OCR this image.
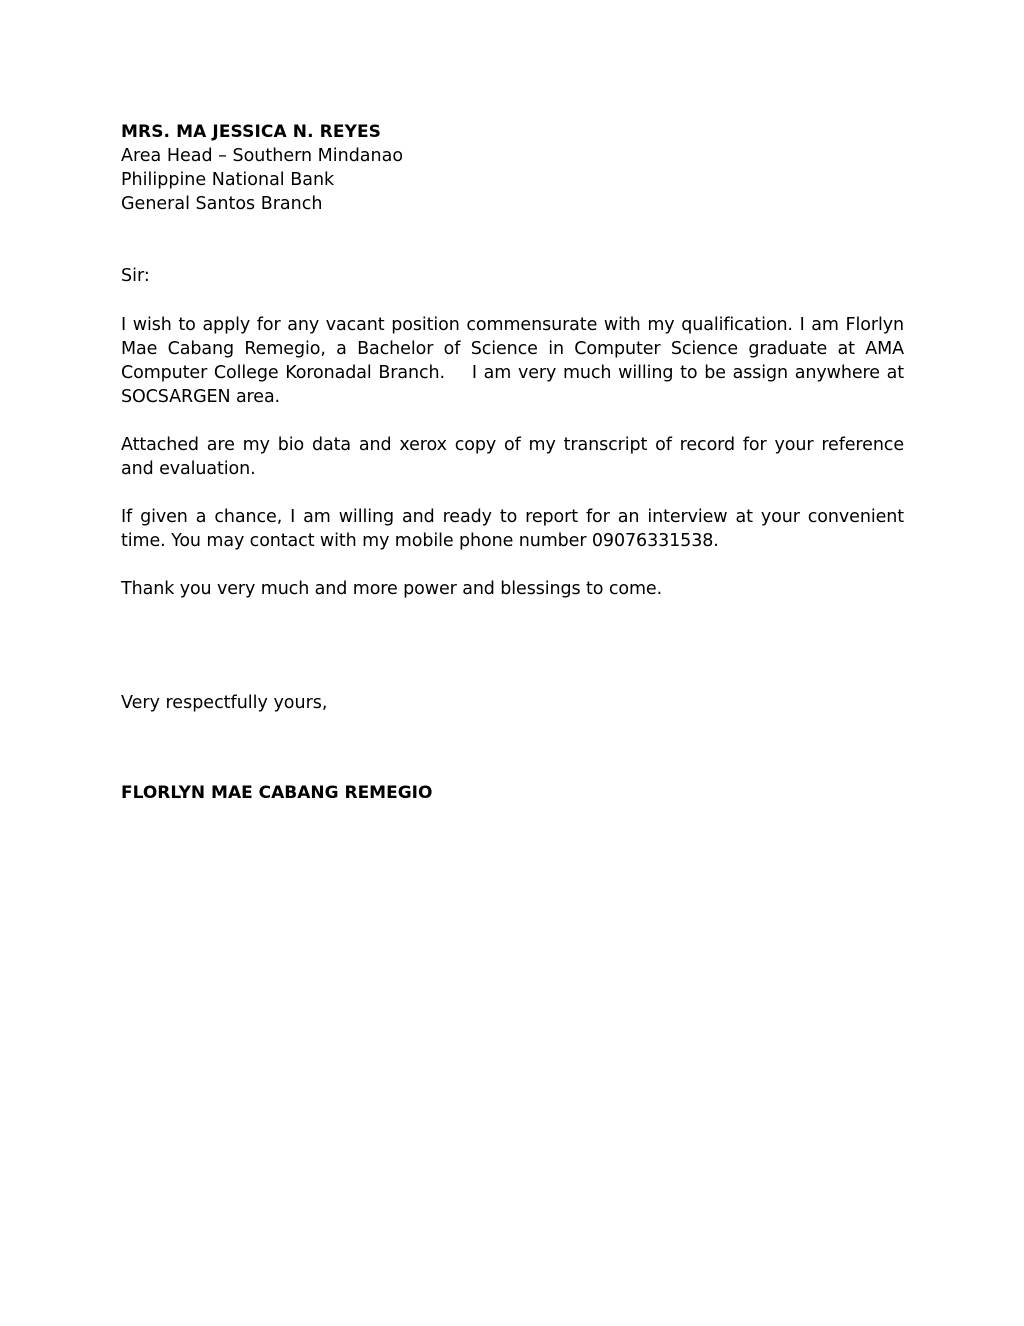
MRS. MA JESSICA N. REYES

Area Head – Southern Mindanao

Philippine National Bank

General Santos Branch

Sir:

I wish to apply for any vacant position commensurate with my qualification. I am Florlyn Mae Cabang Remegio, a Bachelor of Science in Computer Science graduate at AMA Computer College Koronadal Branch.    I am very much willing to be assign anywhere at SOCSARGEN area.

Attached are my bio data and xerox copy of my transcript of record for your reference and evaluation.

If given a chance, I am willing and ready to report for an interview at your convenient time. You may contact with my mobile phone number 09076331538.

Thank you very much and more power and blessings to come.

Very respectfully yours,

FLORLYN MAE CABANG REMEGIO
